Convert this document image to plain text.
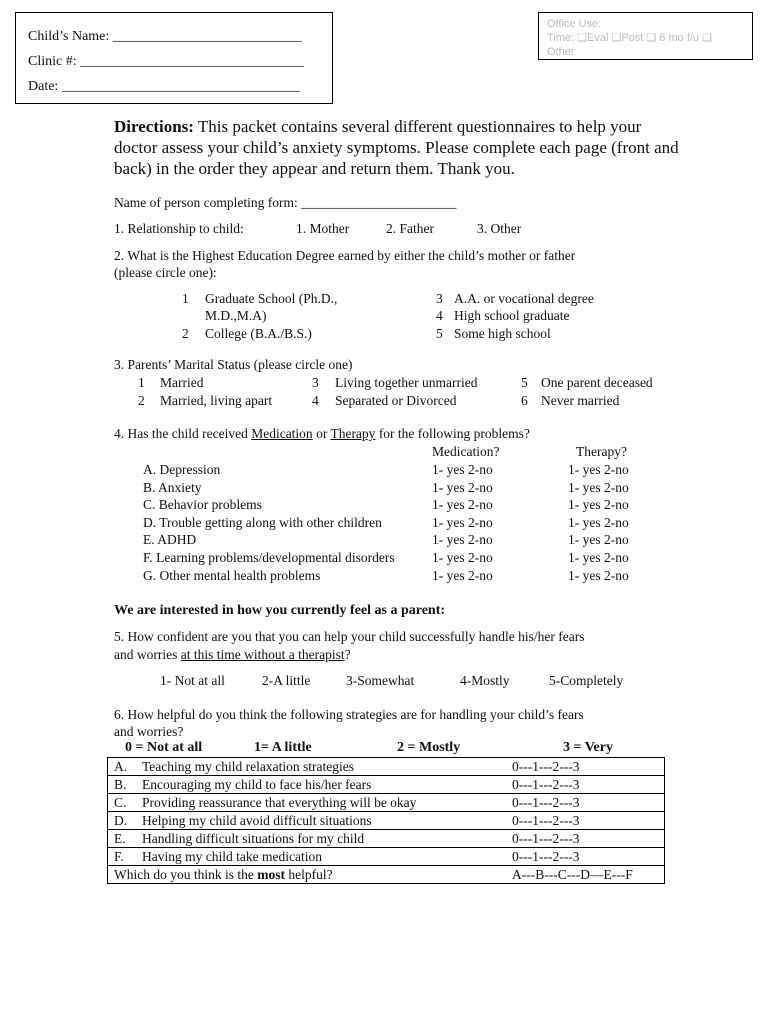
Child’s Name: ___________________________
Clinic #: ________________________________
Date: __________________________________
Office Use:
Time: ❑Eval ❑Post ❑ 6 mo f/u ❑
Other
Directions: This packet contains several different questionnaires to help your doctor assess your child’s anxiety symptoms. Please complete each page (front and back) in the order they appear and return them. Thank you.
Name of person completing form: _______________________
1. Relationship to child:	1. Mother	2. Father	3. Other
2. What is the Highest Education Degree earned by either the child’s mother or father
(please circle one):
1 Graduate School (Ph.D.,
M.D.,M.A)
2 College (B.A./B.S.)
3 A.A. or vocational degree
4 High school graduate
5 Some high school
3. Parents’ Marital Status (please circle one)
1 Married	3 Living together unmarried	5 One parent deceased
2 Married, living apart	4 Separated or Divorced	6 Never married
4. Has the child received Medication or Therapy for the following problems?
Medication?	Therapy?
A. Depression	1- yes 2-no	1- yes 2-no
B. Anxiety	1- yes 2-no	1- yes 2-no
C. Behavior problems	1- yes 2-no	1- yes 2-no
D. Trouble getting along with other children	1- yes 2-no	1- yes 2-no
E. ADHD	1- yes 2-no	1- yes 2-no
F. Learning problems/developmental disorders	1- yes 2-no	1- yes 2-no
G. Other mental health problems	1- yes 2-no	1- yes 2-no
We are interested in how you currently feel as a parent:
5. How confident are you that you can help your child successfully handle his/her fears
and worries at this time without a therapist?
1- Not at all	2-A little	3-Somewhat	4-Mostly	5-Completely
6. How helpful do you think the following strategies are for handling your child’s fears
and worries?
0 = Not at all	1= A little	2 = Mostly	3 = Very
A. Teaching my child relaxation strategies	0---1---2---3
B. Encouraging my child to face his/her fears	0---1---2---3
C. Providing reassurance that everything will be okay	0---1---2---3
D. Helping my child avoid difficult situations	0---1---2---3
E. Handling difficult situations for my child	0---1---2---3
F. Having my child take medication	0---1---2---3
Which do you think is the most helpful?	A---B---C---D—E---F
